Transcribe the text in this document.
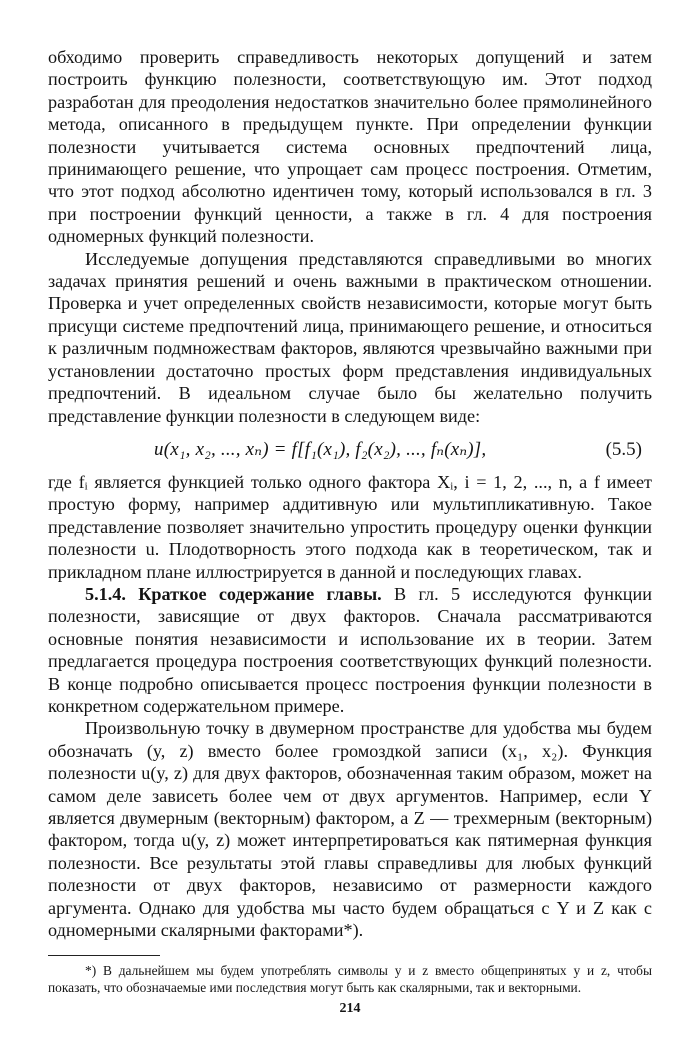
обходимо проверить справедливость некоторых допущений и затем построить функцию полезности, соответствующую им. Этот подход разработан для преодоления недостатков значительно более прямолинейного метода, описанного в предыдущем пункте. При определении функции полезности учитывается система основных предпочтений лица, принимающего решение, что упрощает сам процесс построения. Отметим, что этот подход абсолютно идентичен тому, который использовался в гл. 3 при построении функций ценности, а также в гл. 4 для построения одномерных функций полезности.

Исследуемые допущения представляются справедливыми во многих задачах принятия решений и очень важными в практическом отношении. Проверка и учет определенных свойств независимости, которые могут быть присущи системе предпочтений лица, принимающего решение, и относиться к различным подмножествам факторов, являются чрезвычайно важными при установлении достаточно простых форм представления индивидуальных предпочтений. В идеальном случае было бы желательно получить представление функции полезности в следующем виде:

u(x₁, x₂, ..., xₙ) = f[f₁(x₁), f₂(x₂), ..., fₙ(xₙ)],	(5.5)

где fᵢ является функцией только одного фактора Xᵢ, i = 1, 2, ..., n, а f имеет простую форму, например аддитивную или мультипликативную. Такое представление позволяет значительно упростить процедуру оценки функции полезности u. Плодотворность этого подхода как в теоретическом, так и прикладном плане иллюстрируется в данной и последующих главах.

5.1.4. Краткое содержание главы. В гл. 5 исследуются функции полезности, зависящие от двух факторов. Сначала рассматриваются основные понятия независимости и использование их в теории. Затем предлагается процедура построения соответствующих функций полезности. В конце подробно описывается процесс построения функции полезности в конкретном содержательном примере.

Произвольную точку в двумерном пространстве для удобства мы будем обозначать (y, z) вместо более громоздкой записи (x₁, x₂). Функция полезности u(y, z) для двух факторов, обозначенная таким образом, может на самом деле зависеть более чем от двух аргументов. Например, если Y является двумерным (векторным) фактором, а Z — трехмерным (векторным) фактором, тогда u(y, z) может интерпретироваться как пятимерная функция полезности. Все результаты этой главы справедливы для любых функций полезности от двух факторов, независимо от размерности каждого аргумента. Однако для удобства мы часто будем обращаться с Y и Z как с одномерными скалярными факторами*).

*) В дальнейшем мы будем употреблять символы y и z вместо общепринятых y и z, чтобы показать, что обозначаемые ими последствия могут быть как скалярными, так и векторными.

214
